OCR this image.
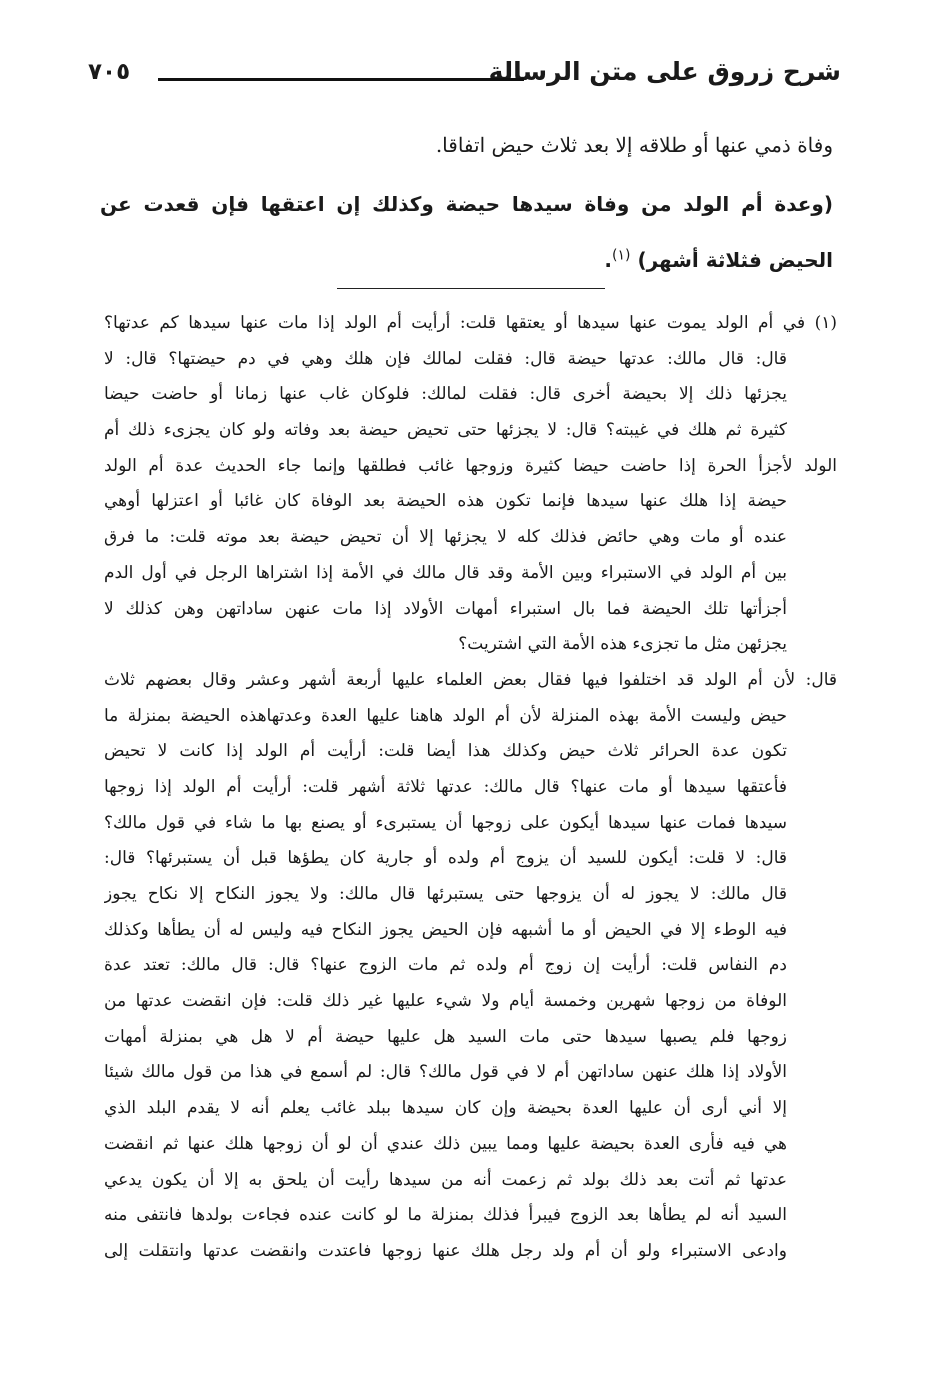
شرح زروق على متن الرسالة
٧٠٥
وفاة ذمي عنها أو طلاقه إلا بعد ثلاث حيض اتفاقا.
(وعدة أم الولد من وفاة سيدها حيضة وكذلك إن اعتقها فإن قعدت عن الحيض فثلاثة أشهر) $^{(١)}$.
(١) في أم الولد يموت عنها سيدها أو يعتقها قلت: أرأيت أم الولد إذا مات عنها سيدها كم عدتها؟
قال: قال مالك: عدتها حيضة قال: فقلت لمالك فإن هلك وهي في دم حيضتها؟ قال: لا
يجزئها ذلك إلا بحيضة أخرى قال: فقلت لمالك: فلوكان غاب عنها زمانا أو حاضت حيضا
كثيرة ثم هلك في غيبته؟ قال: لا يجزئها حتى تحيض حيضة بعد وفاته ولو كان يجزىء ذلك أم
الولد لأجزأ الحرة إذا حاضت حيضا كثيرة وزوجها غائب فطلقها وإنما جاء الحديث عدة أم الولد
حيضة إذا هلك عنها سيدها فإنما تكون هذه الحيضة بعد الوفاة كان غائبا أو اعتزلها أوهي
عنده أو مات وهي حائض فذلك كله لا يجزئها إلا أن تحيض حيضة بعد موته قلت: ما فرق
بين أم الولد في الاستبراء وبين الأمة وقد قال مالك في الأمة إذا اشتراها الرجل في أول الدم
أجزأتها تلك الحيضة فما بال استبراء أمهات الأولاد إذا مات عنهن ساداتهن وهن كذلك لا
يجزئهن مثل ما تجزىء هذه الأمة التي اشتريت؟
قال: لأن أم الولد قد اختلفوا فيها فقال بعض العلماء عليها أربعة أشهر وعشر وقال بعضهم ثلاث
حيض وليست الأمة بهذه المنزلة لأن أم الولد هاهنا عليها العدة وعدتهاهذه الحيضة بمنزلة ما
تكون عدة الحرائر ثلاث حيض وكذلك هذا أيضا قلت: أرأيت أم الولد إذا كانت لا تحيض
فأعتقها سيدها أو مات عنها؟ قال مالك: عدتها ثلاثة أشهر قلت: أرأيت أم الولد إذا زوجها
سيدها فمات عنها سيدها أيكون على زوجها أن يستبرىء أو يصنع بها ما شاء في قول مالك؟
قال: لا قلت: أيكون للسيد أن يزوج أم ولده أو جارية كان يطؤها قبل أن يستبرئها؟ قال:
قال مالك: لا يجوز له أن يزوجها حتى يستبرئها قال مالك: ولا يجوز النكاح إلا نكاح يجوز
فيه الوطء إلا في الحيض أو ما أشبهه فإن الحيض يجوز النكاح فيه وليس له أن يطأها وكذلك
دم النفاس قلت: أرأيت إن زوج أم ولده ثم مات الزوج عنها؟ قال: قال مالك: تعتد عدة
الوفاة من زوجها شهرين وخمسة أيام ولا شيء عليها غير ذلك قلت: فإن انقضت عدتها من
زوجها فلم يصبها سيدها حتى مات السيد هل عليها حيضة أم لا هل هي بمنزلة أمهات
الأولاد إذا هلك عنهن ساداتهن أم لا في قول مالك؟ قال: لم أسمع في هذا من قول مالك شيئا
إلا أني أرى أن عليها العدة بحيضة وإن كان سيدها ببلد غائب يعلم أنه لا يقدم البلد الذي
هي فيه فأرى العدة بحيضة عليها ومما يبين ذلك عندي أن لو أن زوجها هلك عنها ثم انقضت
عدتها ثم أتت بعد ذلك بولد ثم زعمت أنه من سيدها رأيت أن يلحق به إلا أن يكون يدعي
السيد أنه لم يطأها بعد الزوج فيبرأ فذلك بمنزلة ما لو كانت عنده فجاءت بولدها فانتفى منه
وادعى الاستبراء ولو أن أم ولد رجل هلك عنها زوجها فاعتدت وانقضت عدتها وانتقلت إلى
